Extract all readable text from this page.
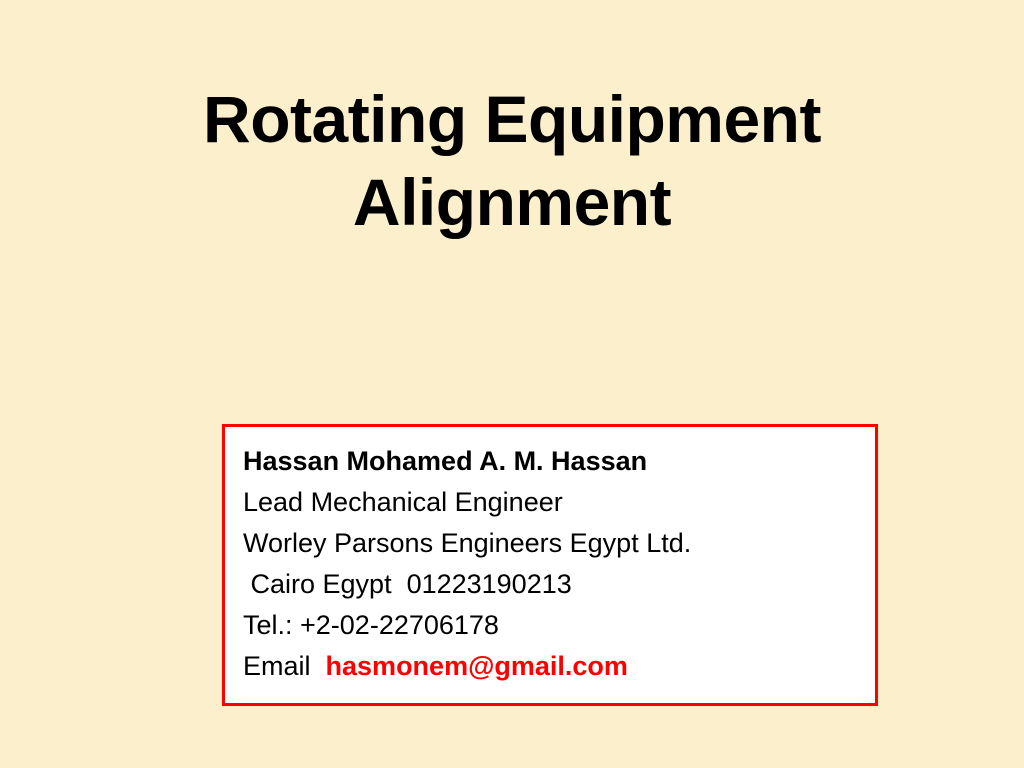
Rotating Equipment Alignment
Hassan Mohamed A. M. Hassan
Lead Mechanical Engineer
Worley Parsons Engineers Egypt Ltd.
Cairo Egypt  01223190213
Tel.: +2-02-22706178
Email  hasmonem@gmail.com
